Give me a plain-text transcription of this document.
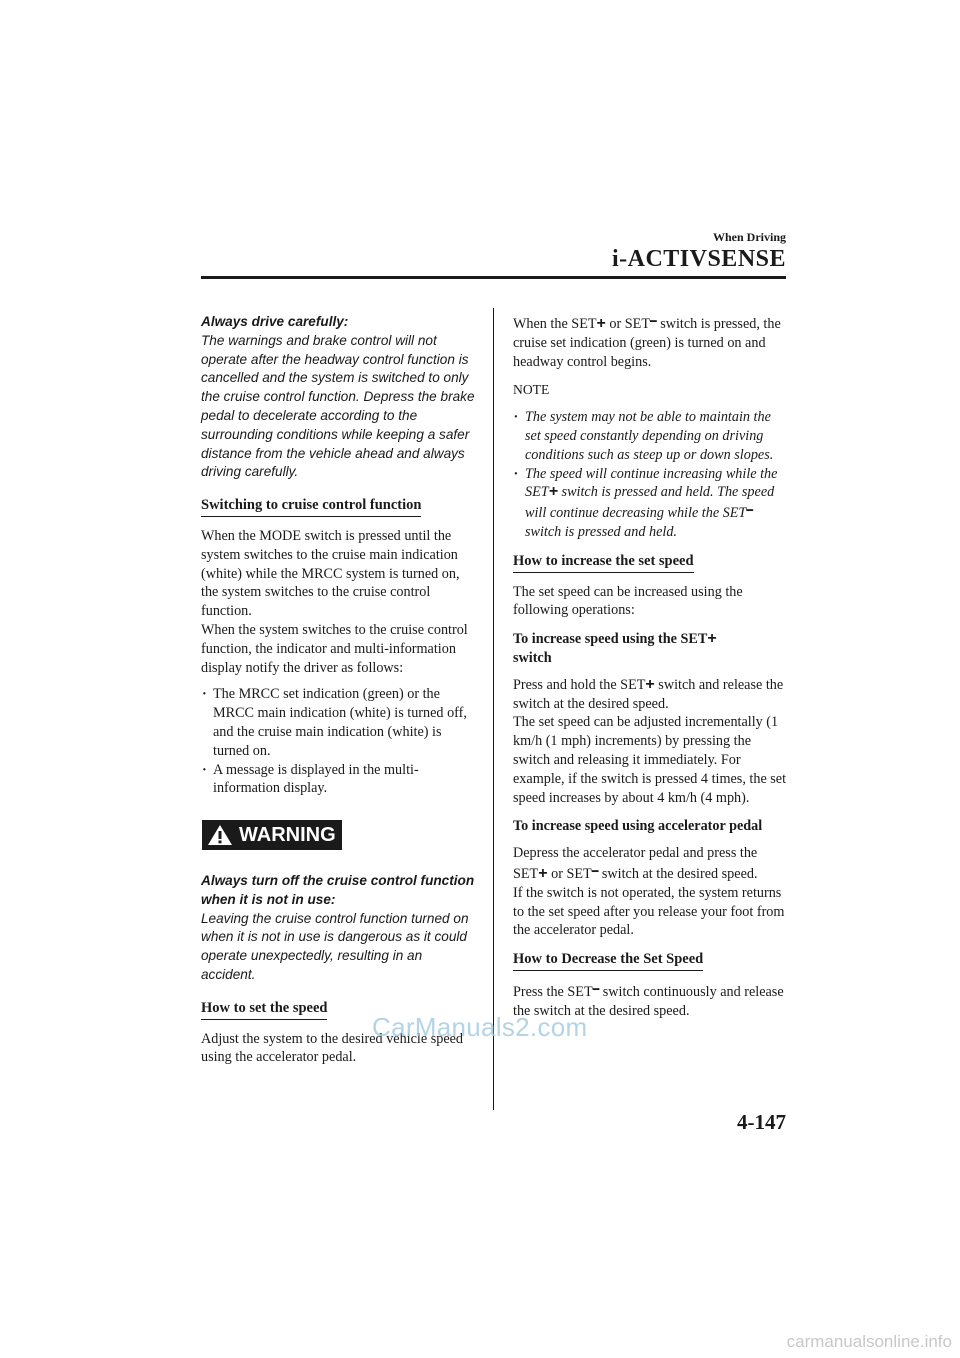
When Driving
i-ACTIVSENSE
Always drive carefully:
The warnings and brake control will not operate after the headway control function is cancelled and the system is switched to only the cruise control function. Depress the brake pedal to decelerate according to the surrounding conditions while keeping a safer distance from the vehicle ahead and always driving carefully.
Switching to cruise control function

When the MODE switch is pressed until the system switches to the cruise main indication (white) while the MRCC system is turned on, the system switches to the cruise control function.

When the system switches to the cruise control function, the indicator and multi-information display notify the driver as follows:

· The MRCC set indication (green) or the MRCC main indication (white) is turned off, and the cruise main indication (white) is turned on.
· A message is displayed in the multi-information display.
WARNING
Always turn off the cruise control function when it is not in use:
Leaving the cruise control function turned on when it is not in use is dangerous as it could operate unexpectedly, resulting in an accident.
How to set the speed

Adjust the system to the desired vehicle speed using the accelerator pedal.

When the SET + or SET ━ switch is pressed, the cruise set indication (green) is turned on and headway control begins.

NOTE
· The system may not be able to maintain the set speed constantly depending on driving conditions such as steep up or down slopes.
· The speed will continue increasing while the SET + switch is pressed and held. The speed will continue decreasing while the SET ━ switch is pressed and held.
How to increase the set speed

The set speed can be increased using the following operations:

To increase speed using the SET +
switch

Press and hold the SET + switch and release the switch at the desired speed.

The set speed can be adjusted incrementally (1 km/h (1 mph) increments) by pressing the switch and releasing it immediately. For example, if the switch is pressed 4 times, the set speed increases by about 4 km/h (4 mph).

To increase speed using accelerator pedal

Depress the accelerator pedal and press the SET + or SET ━ switch at the desired speed.

If the switch is not operated, the system returns to the set speed after you release your foot from the accelerator pedal.

How to Decrease the Set Speed

Press the SET ━ switch continuously and release the switch at the desired speed.

4-147
CarManuals2.com
carmanualsonline.info
